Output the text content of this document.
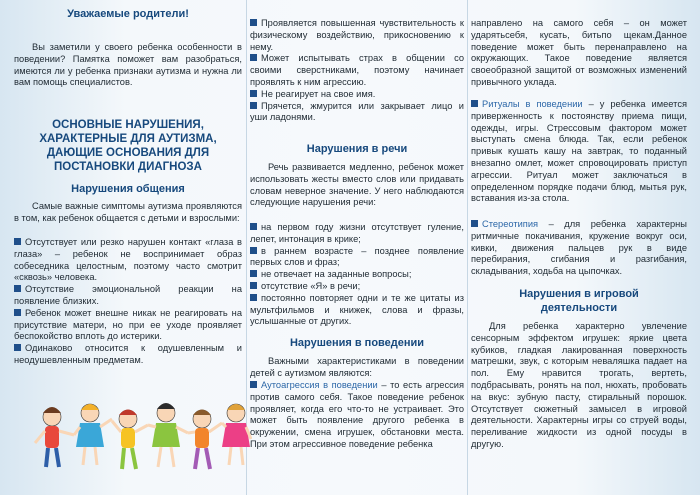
Уважаемые родители!

Вы заметили у своего ребенка особенности в поведении? Памятка поможет вам разобраться, имеются ли у ребенка признаки аутизма и нужна ли вам помощь специалистов.

ОСНОВНЫЕ НАРУШЕНИЯ, ХАРАКТЕРНЫЕ ДЛЯ АУТИЗМА, ДАЮЩИЕ ОСНОВАНИЯ ДЛЯ ПОСТАНОВКИ ДИАГНОЗА

Нарушения общения

Самые важные симптомы аутизма проявляются в том, как ребенок общается с детьми и взрослыми:

Отсутствует или резко нарушен контакт «глаза в глаза» – ребенок не воспринимает образ собеседника целостным, поэтому часто смотрит «сквозь» человека.

Отсутствие эмоциональной реакции на появление близких.

Ребенок может внешне никак не реагировать на присутствие матери, но при ее уходе проявляет беспокойство вплоть до истерики.

Одинаково относится к одушевленным и неодушевленным предметам.

Проявляется повышенная чувствительность к физическому воздействию, прикосновению к нему.

Может испытывать страх в общении со своими сверстниками, поэтому начинает проявлять к ним агрессию.

Не реагирует на свое имя.

Прячется, жмурится или закрывает лицо и уши ладонями.

Нарушения в речи

Речь развивается медленно, ребенок может использовать жесты вместо слов или придавать словам неверное значение. У него наблюдаются следующие нарушения речи:

на первом году жизни отсутствует гуление, лепет, интонация в крике;

в раннем возрасте – позднее появление первых слов и фраз;

не отвечает на заданные вопросы;

отсутствие «Я» в речи;

постоянно повторяет одни и те же цитаты из мультфильмов и книжек, слова и фразы, услышанные от других.

Нарушения в поведении

Важными характеристиками в поведении детей с аутизмом являются:

Аутоагрессия в поведении – то есть агрессия против самого себя. Такое поведение ребенок проявляет, когда его что-то не устраивает. Это может быть появление другого ребенка в окружении, смена игрушек, обстановки места. При этом агрессивное поведение ребенка

направлено на самого себя – он может ударятьсебя, кусать, битьпо щекам.Данное поведение может быть перенаправлено на окружающих. Такое поведение является своеобразной защитой от возможных изменений привычного уклада.

Ритуалы в поведении – у ребенка имеется приверженность к постоянству приема пищи, одежды, игры. Стрессовым фактором может выступать смена блюда. Так, если ребенок привык кушать кашу на завтрак, то поданный внезапно омлет, может спровоцировать приступ агрессии. Ритуал может заключаться в определенном порядке подачи блюд, мытья рук, вставания из-за стола.

Стереотипия – для ребенка характерны ритмичные покачивания, кружение вокруг оси, кивки, движения пальцев рук в виде перебирания, сгибания и разгибания, складывания, ходьба на цыпочках.

Нарушения в игровой деятельности

Для ребенка характерно увлечение сенсорным эффектом игрушек: яркие цвета кубиков, гладкая лакированная поверхность матрешки, звук, с которым неваляшка падает на пол. Ему нравится трогать, вертеть, подбрасывать, ронять на пол, нюхать, пробовать на вкус: зубную пасту, стиральный порошок. Отсутствует сюжетный замысел в игровой деятельности. Характерны игры со струей воды, переливание жидкости из одной посуды в другую.
